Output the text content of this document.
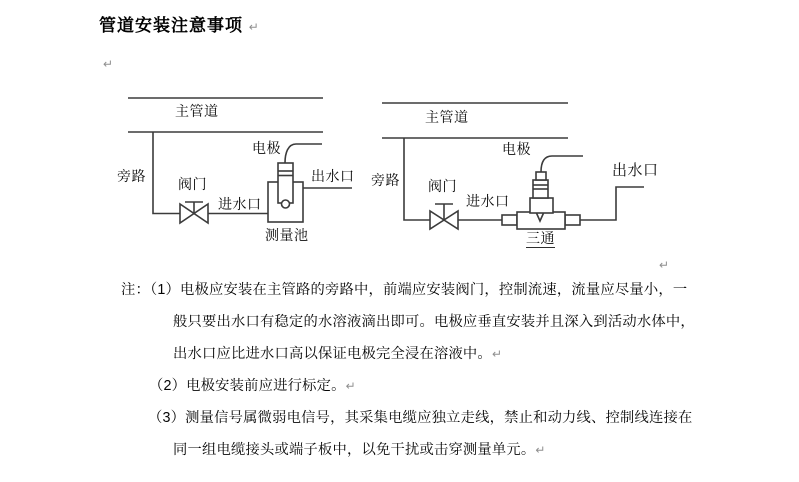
管道安装注意事项 ↵
↵
↵
主管道
旁路 阀门
电极
进水口
出水口
测量池
主管道
旁路 阀门
电极
进水口
出水口
三通
注：（1）电极应安装在主管路的旁路中，前端应安装阀门，控制流速，流量应尽量小，一
般只要出水口有稳定的水溶液滴出即可。电极应垂直安装并且深入到活动水体中，
出水口应比进水口高以保证电极完全浸在溶液中。↵
（2）电极安装前应进行标定。↵
（3）测量信号属微弱电信号，其采集电缆应独立走线，禁止和动力线、控制线连接在
同一组电缆接头或端子板中，以免干扰或击穿测量单元。↵
